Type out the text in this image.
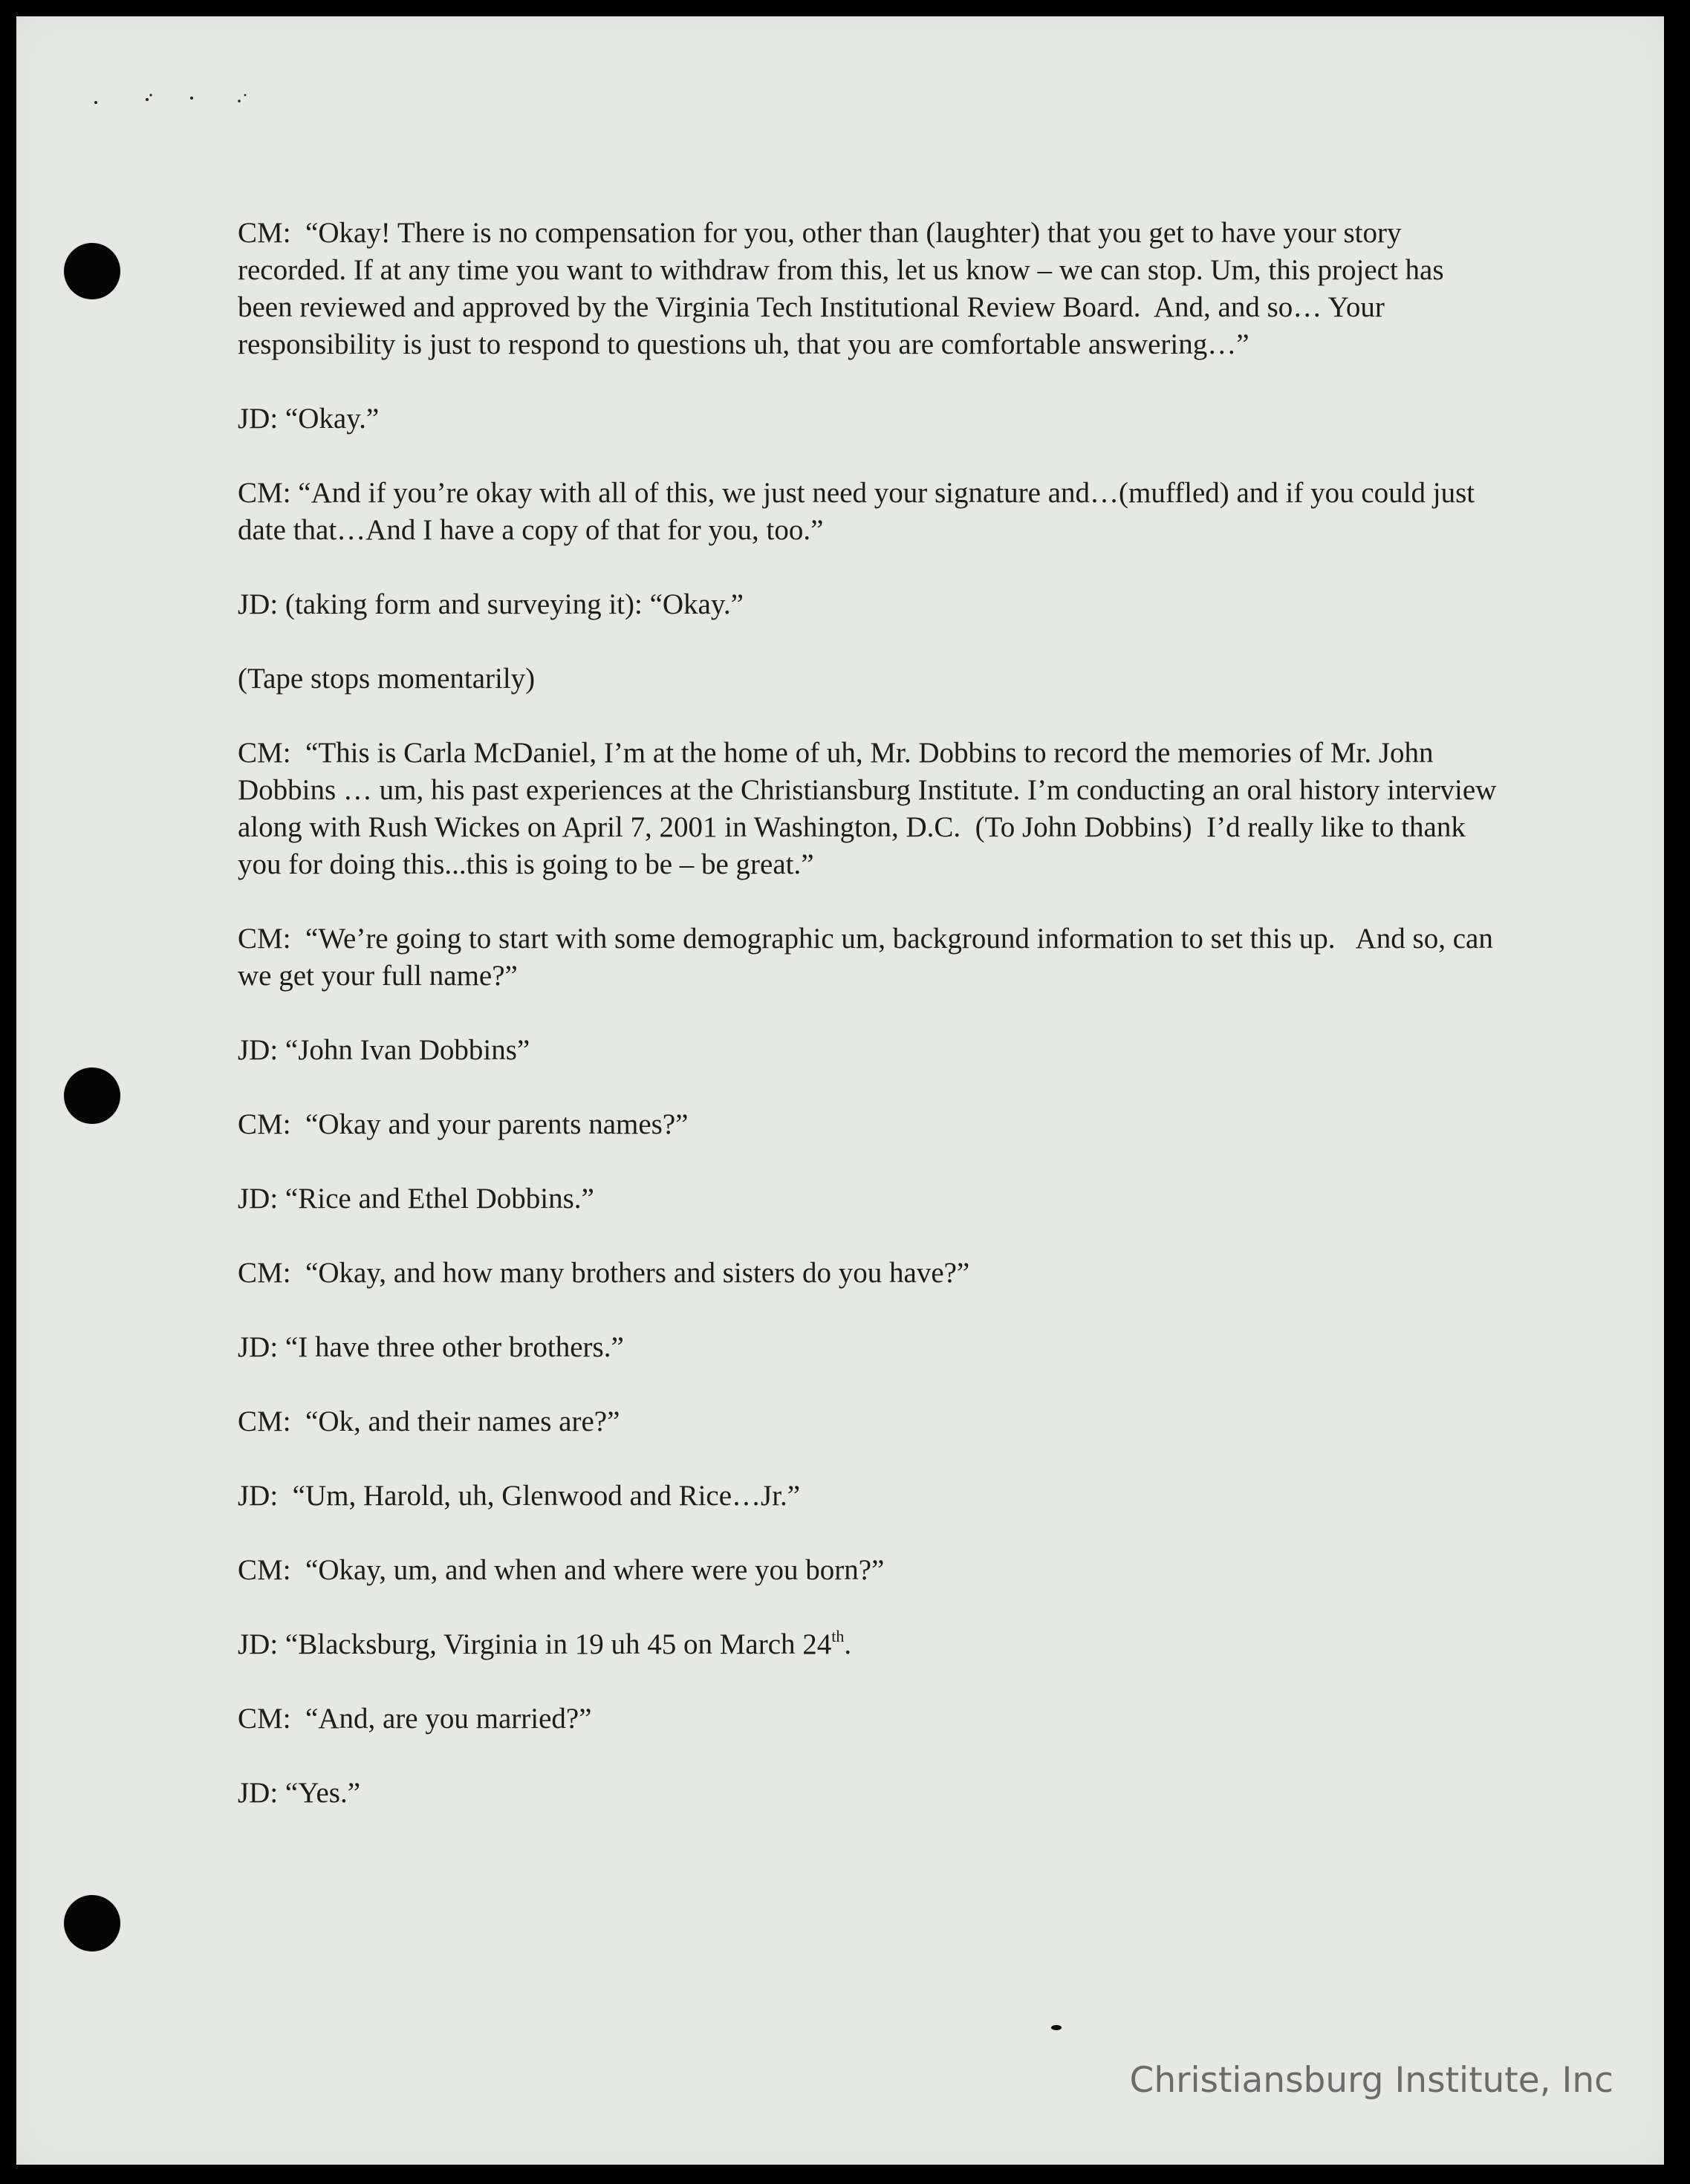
CM:  “Okay! There is no compensation for you, other than (laughter) that you get to have your story recorded. If at any time you want to withdraw from this, let us know – we can stop. Um, this project has been reviewed and approved by the Virginia Tech Institutional Review Board.  And, and so… Your responsibility is just to respond to questions uh, that you are comfortable answering…”
JD: “Okay.”
CM: “And if you’re okay with all of this, we just need your signature and…(muffled) and if you could just date that…And I have a copy of that for you, too.”
JD: (taking form and surveying it): “Okay.”
(Tape stops momentarily)
CM:  “This is Carla McDaniel, I’m at the home of uh, Mr. Dobbins to record the memories of Mr. John Dobbins … um, his past experiences at the Christiansburg Institute. I’m conducting an oral history interview along with Rush Wickes on April 7, 2001 in Washington, D.C.  (To John Dobbins)  I’d really like to thank you for doing this...this is going to be – be great.”
CM:  “We’re going to start with some demographic um, background information to set this up.   And so, can we get your full name?”
JD: “John Ivan Dobbins”
CM:  “Okay and your parents names?”
JD: “Rice and Ethel Dobbins.”
CM:  “Okay, and how many brothers and sisters do you have?”
JD: “I have three other brothers.”
CM:  “Ok, and their names are?”
JD:  “Um, Harold, uh, Glenwood and Rice…Jr.”
CM:  “Okay, um, and when and where were you born?”
JD: “Blacksburg, Virginia in 19 uh 45 on March 24th.
CM:  “And, are you married?”
JD: “Yes.”
Christiansburg Institute, Inc
